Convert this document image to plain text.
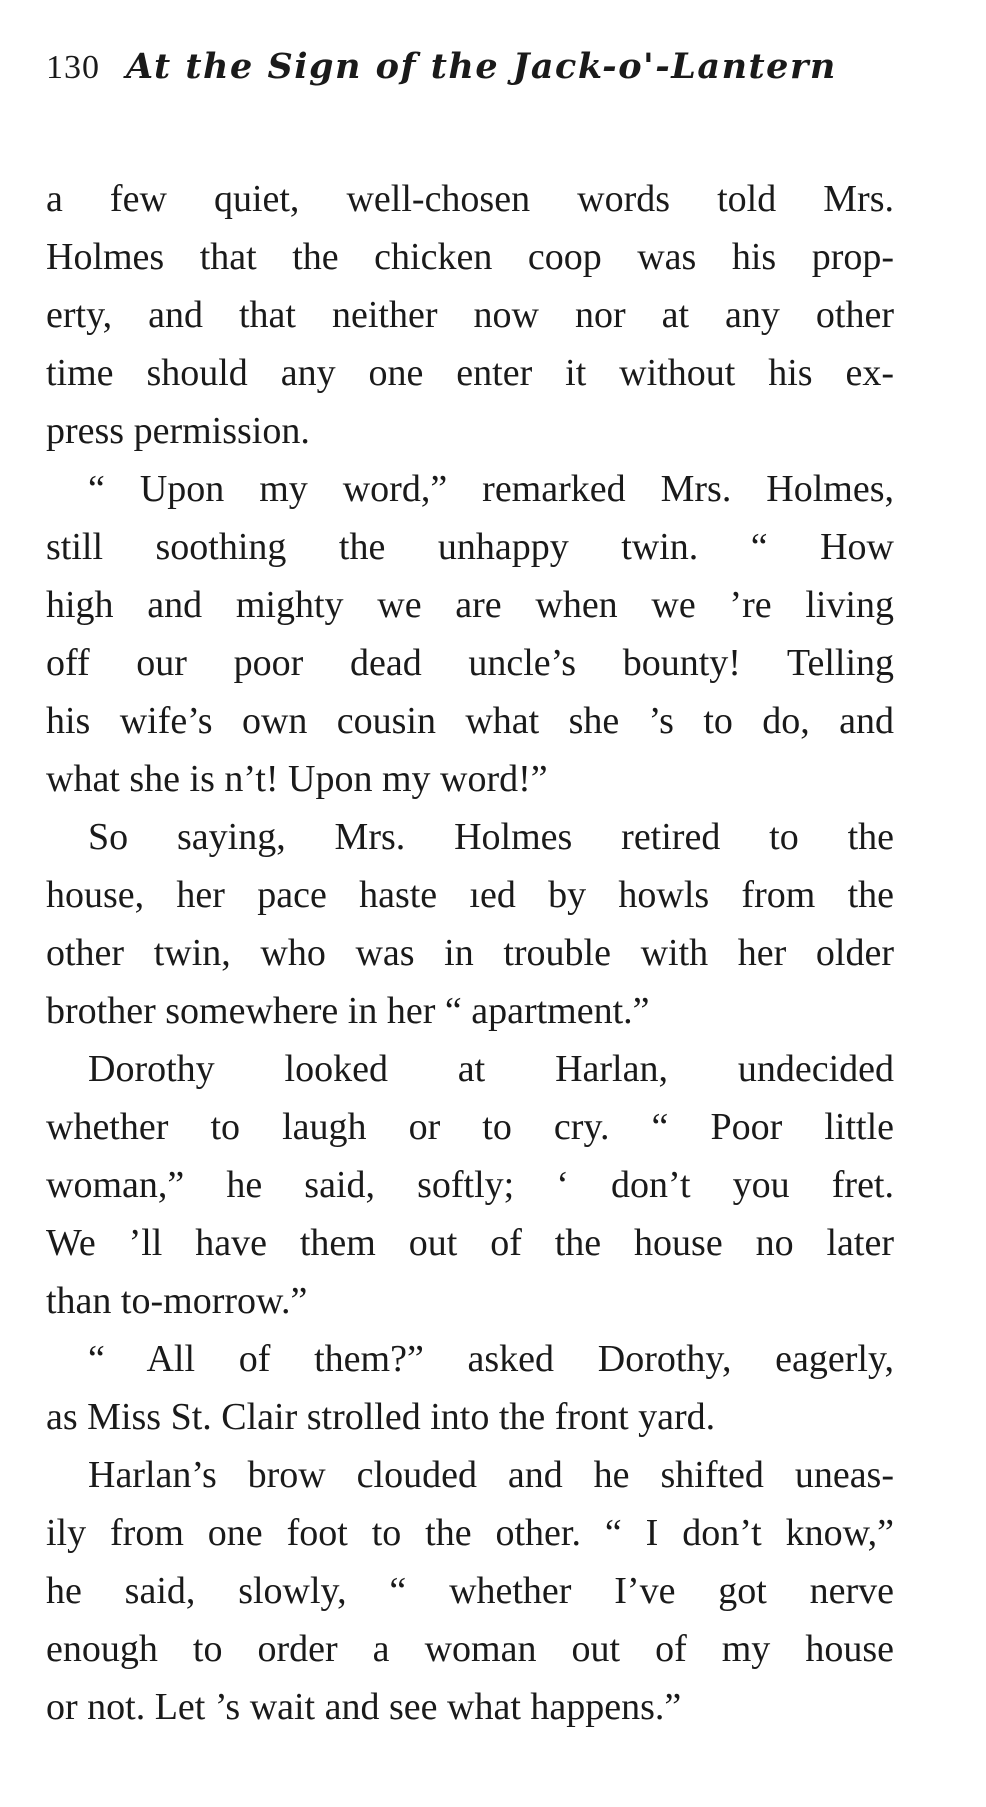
130 At the Sign of the Jack-o'-Lantern

a few quiet, well-chosen words told Mrs.
Holmes that the chicken coop was his prop-
erty, and that neither now nor at any other
time should any one enter it without his ex-
press permission.

“ Upon my word,” remarked Mrs. Holmes,
still soothing the unhappy twin. “ How
high and mighty we are when we ’re living
off our poor dead uncle’s bounty! Telling
his wife’s own cousin what she ’s to do, and
what she is n’t! Upon my word!”

So saying, Mrs. Holmes retired to the
house, her pace haste ıed by howls from the
other twin, who was in trouble with her older
brother somewhere in her “ apartment.”

Dorothy looked at Harlan, undecided
whether to laugh or to cry. “ Poor little
woman,” he said, softly; ‘ don’t you fret.
We ’ll have them out of the house no later
than to-morrow.”

“ All of them?” asked Dorothy, eagerly,
as Miss St. Clair strolled into the front yard.

Harlan’s brow clouded and he shifted uneas-
ily from one foot to the other. “ I don’t know,”
he said, slowly, “ whether I’ve got nerve
enough to order a woman out of my house
or not. Let ’s wait and see what happens.”
